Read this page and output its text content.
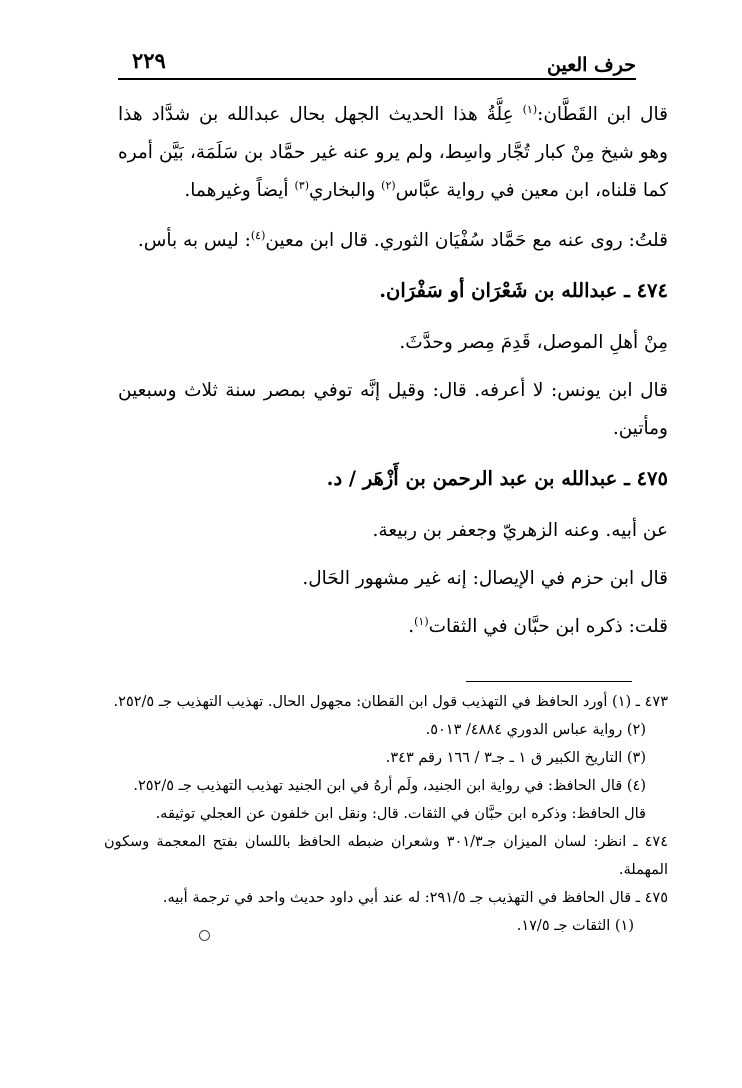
حرف العين
٢٢٩

قال ابن القَطَّان:$^{(١)}$ عِلَّةُ هذا الحديث الجهل بحال عبدالله بن شدَّاد هذا وهو شيخ مِنْ كبار تُجَّار واسِط، ولم يرو عنه غير حمَّاد بن سَلَمَة، بَيَّن أمره كما قلناه، ابن معين في رواية عبَّاس$^{(٢)}$ والبخاري$^{(٣)}$ أيضاً وغيرهما.

قلتُ: روى عنه مع حَمَّاد سُفْيَان الثوري. قال ابن معين$^{(٤)}$: ليس به بأس.

٤٧٤ ـ عبدالله بن شَعْرَان أو سَفْرَان.

مِنْ أهلِ الموصل، قَدِمَ مِصر وحدَّثَ.

قال ابن يونس: لا أعرفه. قال: وقيل إنَّه توفي بمصر سنة ثلاث وسبعين ومأتين.

٤٧٥ ـ عبدالله بن عبد الرحمن بن أَزْهَر / د.

عن أبيه. وعنه الزهريّ وجعفر بن ربيعة.

قال ابن حزم في الإيصال: إنه غير مشهور الحَال.

قلت: ذكره ابن حبَّان في الثقات$^{(١)}$.

٤٧٣ ـ (١) أورد الحافظ في التهذيب قول ابن القطان: مجهول الحال. تهذيب التهذيب جـ ٢٥٢/٥.

(٢) رواية عباس الدوري ٤٨٨٤/ ٥٠١٣.

(٣) التاريخ الكبير ق ١ ـ جـ٣ / ١٦٦ رقم ٣٤٣.

(٤) قال الحافظ: في رواية ابن الجنيد، ولَم أرهُ في ابن الجنيد تهذيب التهذيب جـ ٢٥٢/٥.

قال الحافظ: وذكره ابن حبَّان في الثقات. قال: ونقل ابن خلفون عن العجلي توثيقه.

٤٧٤ ـ انظر: لسان الميزان جـ٣٠١/٣ وشعران ضبطه الحافظ باللسان بفتح المعجمة وسكون المهملة.

٤٧٥ ـ قال الحافظ في التهذيب جـ ٢٩١/٥: له عند أبي داود حديث واحد في ترجمة أبيه.

(١) الثقات جـ ١٧/٥.
